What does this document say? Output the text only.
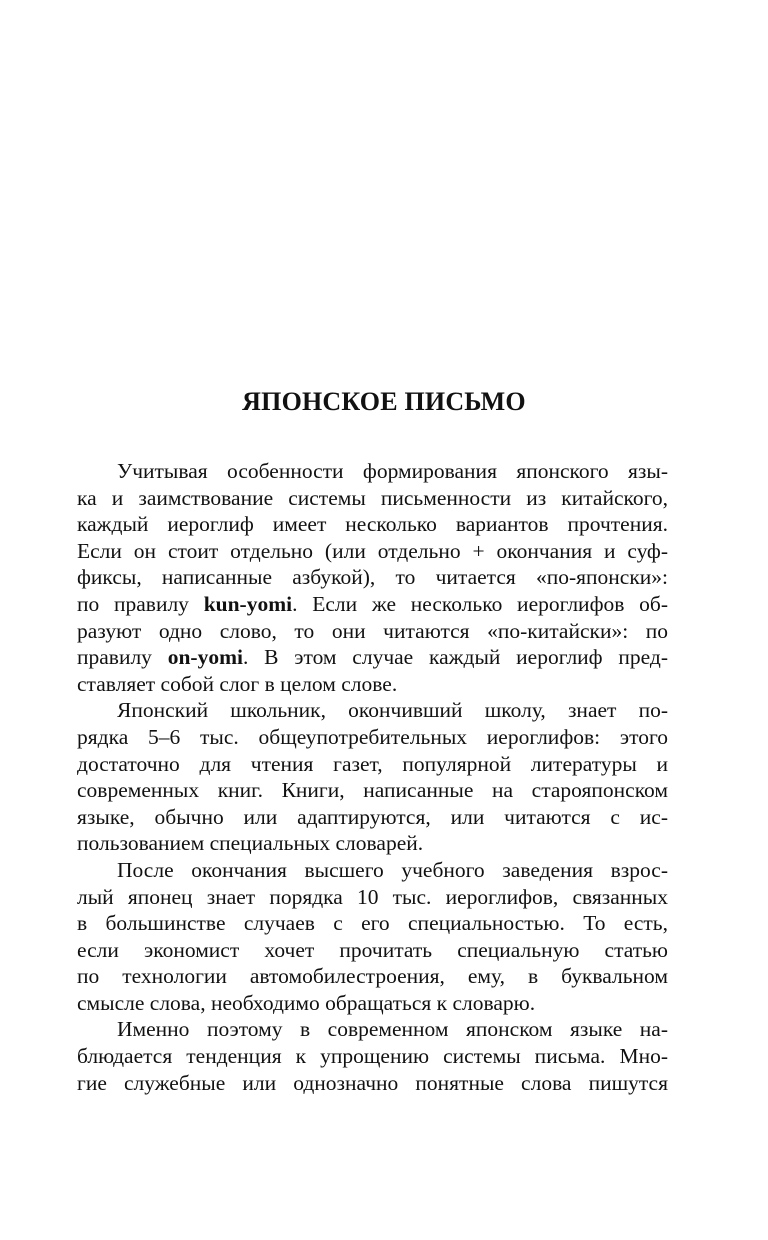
ЯПОНСКОЕ ПИСЬМО
Учитывая особенности формирования японского язы-
ка и заимствование системы письменности из китайского,
каждый иероглиф имеет несколько вариантов прочтения.
Если он стоит отдельно (или отдельно + окончания и суф-
фиксы, написанные азбукой), то читается «по-японски»:
по правилу kun-yomi. Если же несколько иероглифов об-
разуют одно слово, то они читаются «по-китайски»: по
правилу on-yomi. В этом случае каждый иероглиф пред-
ставляет собой слог в целом слове.
Японский школьник, окончивший школу, знает по-
рядка 5–6 тыс. общеупотребительных иероглифов: этого
достаточно для чтения газет, популярной литературы и
современных книг. Книги, написанные на старояпонском
языке, обычно или адаптируются, или читаются с ис-
пользованием специальных словарей.
После окончания высшего учебного заведения взрос-
лый японец знает порядка 10 тыс. иероглифов, связанных
в большинстве случаев с его специальностью. То есть,
если экономист хочет прочитать специальную статью
по технологии автомобилестроения, ему, в буквальном
смысле слова, необходимо обращаться к словарю.
Именно поэтому в современном японском языке на-
блюдается тенденция к упрощению системы письма. Мно-
гие служебные или однозначно понятные слова пишутся
